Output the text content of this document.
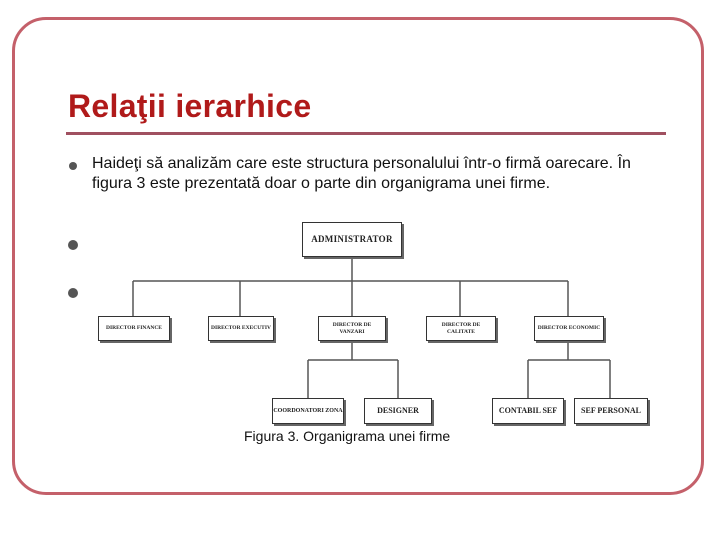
Relaţii ierarhice

Haideţi să analizăm care este structura personalului într-o firmă oarecare. În figura 3 este prezentată doar o parte din organigrama unei firme.

ADMINISTRATOR
DIRECTOR FINANCE	DIRECTOR EXECUTIV
DIRECTOR DE VANZARI
DIRECTOR DE CALITATE
DIRECTOR ECONOMIC
COORDONATORI ZONA	DESIGNER	CONTABIL SEF	SEF PERSONAL
Figura 3. Organigrama unei firme
